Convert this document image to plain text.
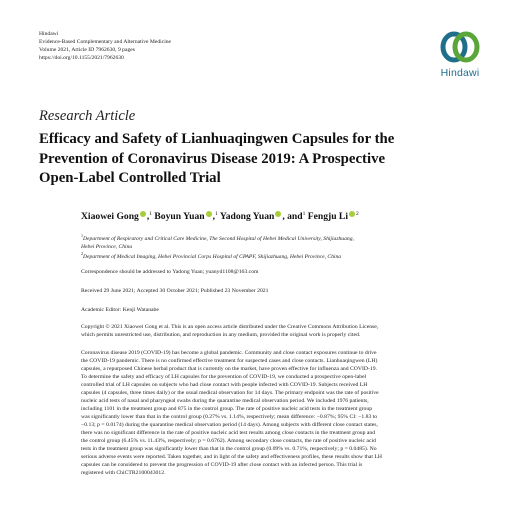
Hindawi
Evidence-Based Complementary and Alternative Medicine
Volume 2021, Article ID 7962630, 9 pages
https://doi.org/10.1155/2021/7962630
Hindawi
Research Article
Efficacy and Safety of Lianhuaqingwen Capsules for the
Prevention of Coronavirus Disease 2019: A Prospective
Open-Label Controlled Trial
Xiaowei Gong ,$^1$ Boyun Yuan ,$^1$ Yadong Yuan , and$^1$ Fengju Li $^2$
$^1$Department of Respiratory and Critical Care Medicine, The Second Hospital of Hebei Medical University, Shijiazhuang,
Hebei Province, China
$^2$Department of Medical Imaging, Hebei Provincial Corps Hospital of CPAPF, Shijiazhuang, Hebei Province, China
Correspondence should be addressed to Yadong Yuan; yuanyd1108@163.com
Received 29 June 2021; Accepted 30 October 2021; Published 23 November 2021
Academic Editor: Kenji Watanabe
Copyright © 2021 Xiaowei Gong et al. This is an open access article distributed under the Creative Commons Attribution License,
which permits unrestricted use, distribution, and reproduction in any medium, provided the original work is properly cited.
Coronavirus disease 2019 (COVID-19) has become a global pandemic. Community and close contact exposures continue to drive
the COVID-19 pandemic. There is no confirmed effective treatment for suspected cases and close contacts. Lianhuaqingwen (LH)
capsules, a repurposed Chinese herbal product that is currently on the market, have proven effective for influenza and COVID-19.
To determine the safety and efficacy of LH capsules for the prevention of COVID-19, we conducted a prospective open-label
controlled trial of LH capsules on subjects who had close contact with people infected with COVID-19. Subjects received LH
capsules (4 capsules, three times daily) or the usual medical observation for 14 days. The primary endpoint was the rate of positive
nucleic acid tests of nasal and pharyngeal swabs during the quarantine medical observation period. We included 1976 patients,
including 1101 in the treatment group and 875 in the control group. The rate of positive nucleic acid tests in the treatment group
was significantly lower than that in the control group (0.27% vs. 1.14%, respectively; mean difference: −0.87%; 95% CI: −1.83 to
−0.13; p = 0.0174) during the quarantine medical observation period (14 days). Among subjects with different close contact states,
there was no significant difference in the rate of positive nucleic acid test results among close contacts in the treatment group and
the control group (6.45% vs. 11.43%, respectively; p = 0.6762). Among secondary close contacts, the rate of positive nucleic acid
tests in the treatment group was significantly lower than that in the control group (0.09% vs. 0.71%, respectively; p = 0.0485). No
serious adverse events were reported. Taken together, and in light of the safety and effectiveness profiles, these results show that LH
capsules can be considered to prevent the progression of COVID-19 after close contact with an infected person. This trial is
registered with ChiCTR2100043012.
